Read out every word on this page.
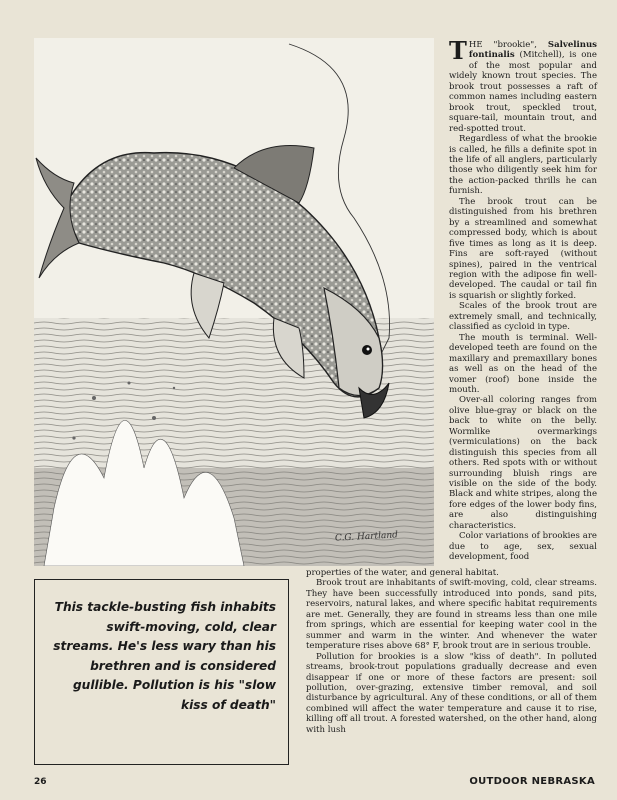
C.G. Hartland

THE "brookie", Salvelinus fontinalis (Mitchell), is one of the most popular and widely known trout species. The brook trout possesses a raft of common names including eastern brook trout, speckled trout, square-tail, mountain trout, and red-spotted trout.

Regardless of what the brookie is called, he fills a definite spot in the life of all anglers, particularly those who diligently seek him for the action-packed thrills he can furnish.

The brook trout can be distinguished from his brethren by a streamlined and somewhat compressed body, which is about five times as long as it is deep. Fins are soft-rayed (without spines), paired in the ventrical region with the adipose fin well-developed. The caudal or tail fin is squarish or slightly forked.

Scales of the brook trout are extremely small, and technically, classified as cycloid in type.

The mouth is terminal. Well-developed teeth are found on the maxillary and premaxillary bones as well as on the head of the vomer (roof) bone inside the mouth.

Over-all coloring ranges from olive blue-gray or black on the back to white on the belly. Wormlike overmarkings (vermiculations) on the back distinguish this species from all others. Red spots with or without surrounding bluish rings are visible on the side of the body. Black and white stripes, along the fore edges of the lower body fins, are also distinguishing characteristics.

Color variations of brookies are due to age, sex, sexual development, food

properties of the water, and general habitat.

Brook trout are inhabitants of swift-moving, cold, clear streams. They have been successfully introduced into ponds, sand pits, reservoirs, natural lakes, and where specific habitat requirements are met. Generally, they are found in streams less than one mile from springs, which are essential for keeping water cool in the summer and warm in the winter. And whenever the water temperature rises above 68° F, brook trout are in serious trouble.

Pollution for brookies is a slow "kiss of death". In polluted streams, brook-trout populations gradually decrease and even disappear if one or more of these factors are present: soil pollution, over-grazing, extensive timber removal, and soil disturbance by agricultural. Any of these conditions, or all of them combined will affect the water temperature and cause it to rise, killing off all trout. A forested watershed, on the other hand, along with lush

This tackle-busting fish inhabits swift-moving, cold, clear streams. He's less wary than his brethren and is considered gullible. Pollution is his "slow kiss of death"

26	OUTDOOR NEBRASKA
